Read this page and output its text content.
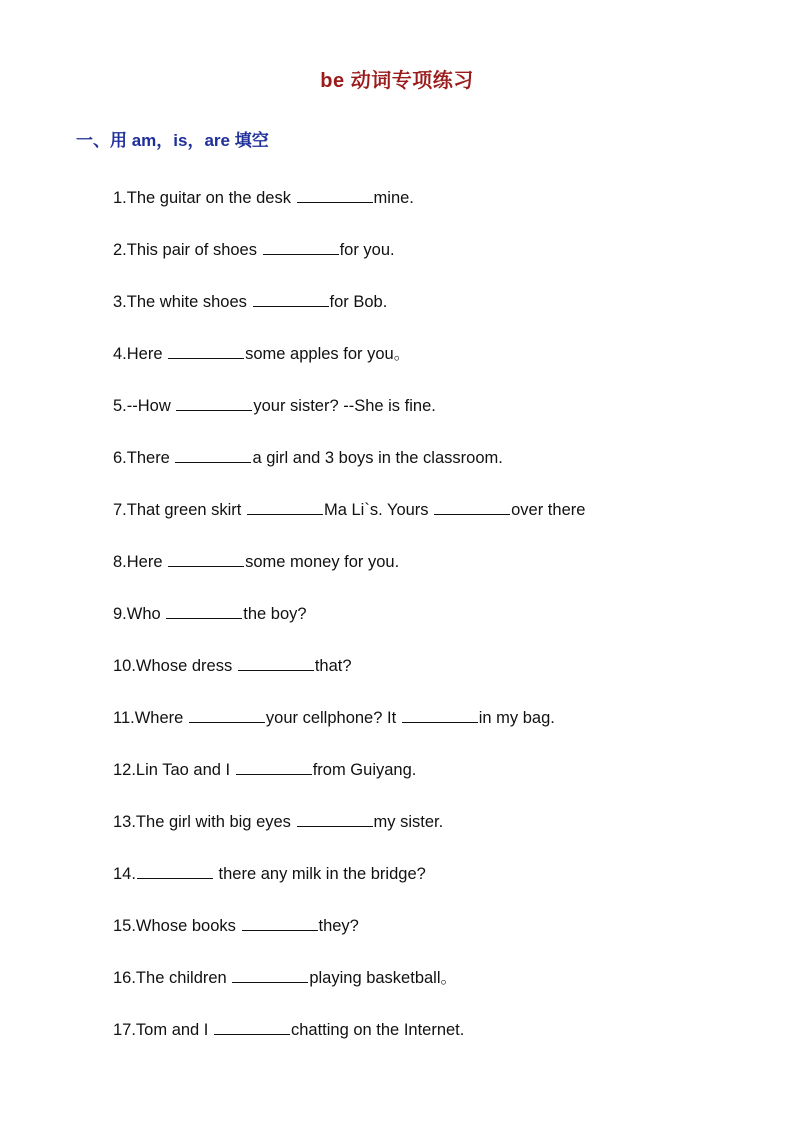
be 动词专项练习
一、用 am，is，are 填空
1.The guitar on the desk	mine.
2.This pair of shoes	for you.
3.The white shoes	for Bob.
4.Here	some apples for you。
5.--How	your sister? --She is fine.
6.There	a girl and 3 boys in the classroom.
7.That green skirt	Ma Li`s. Yours	over there
8.Here	some money for you.
9.Who	the boy?
10.Whose dress	that?
11.Where	your cellphone? It	in my bag.
12.Lin Tao and I	from Guiyang.
13.The girl with big eyes	my sister.
14.	there any milk in the bridge?
15.Whose books	they?
16.The children	playing basketball。
17.Tom and I	chatting on the Internet.
